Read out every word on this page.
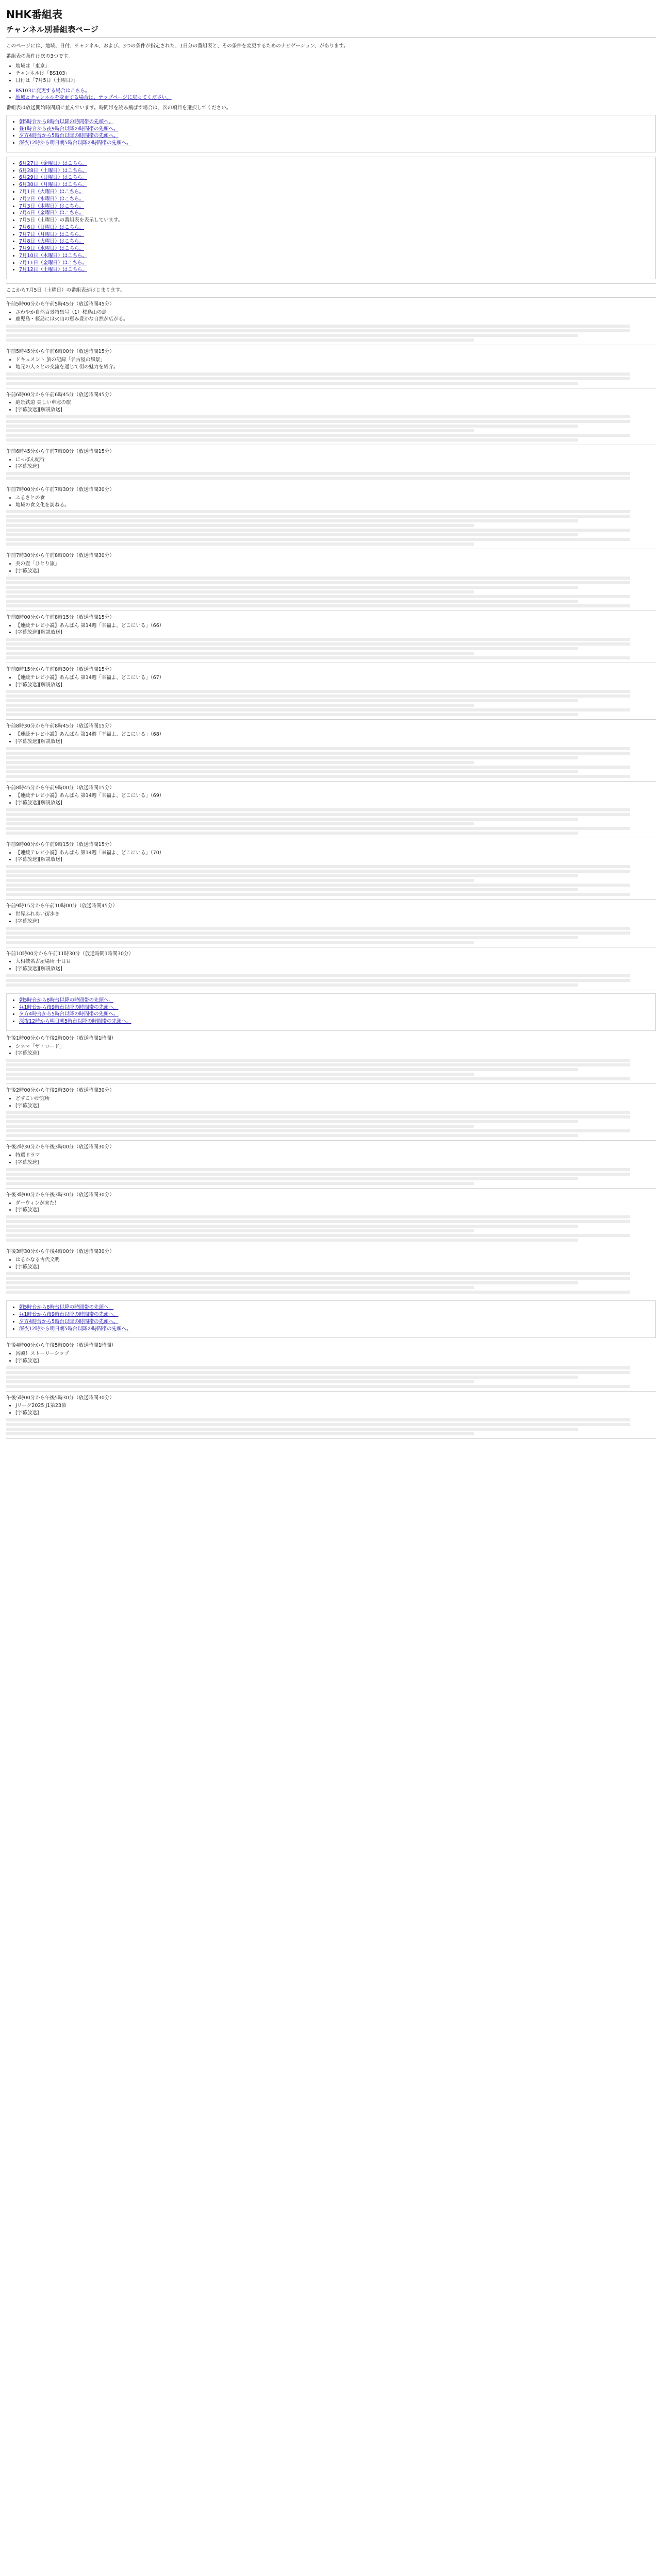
NHK番組表
チャンネル別番組表ページ

このページには、地域、日付、チャンネル、および、3つの条件が指定された、1日分の番組表と、その条件を変更するためのナビゲーション、があります。

番組表の条件は次の3つです。

• 地域は「東京」
• チャンネルは「BS103」
• 日付は「7月5日（土曜日）」
• BS103に変更する場合はこちら。
• 地域とチャンネルを変更する場合は、ナップページに戻ってください。

番組表は放送開始時間順に並んでいます。時間帯を読み飛ばす場合は、次の項目を選択してください。

• 朝5時台から8時台以降の時間帯の先頭へ。
• 昼1時台から夜9時台以降の時間帯の先頭へ。
• 夕方4時台から5時台以降の時間帯の先頭へ。
• 深夜12時から明日朝5時台以降の時間帯の先頭へ。
• 6月27日（金曜日）はこちら。
• 6月28日（土曜日）はこちら。
• 6月29日（日曜日）はこちら。
• 6月30日（月曜日）はこちら。
• 7月1日（火曜日）はこちら。
• 7月2日（水曜日）はこちら。
• 7月3日（木曜日）はこちら。
• 7月4日（金曜日）はこちら。
• 7月5日（土曜日）の番組表を表示しています。
• 7月6日（日曜日）はこちら。
• 7月7日（月曜日）はこちら。
• 7月8日（火曜日）はこちら。
• 7月9日（水曜日）はこちら。
• 7月10日（木曜日）はこちら。
• 7月11日（金曜日）はこちら。
• 7月12日（土曜日）はこちら。

ここから7月5日（土曜日）の番組表がはじまります。

午前5時00分から午前5時45分（放送時間45分）

• さわやか自然百景特集号（1）桜島山の島
• 鹿児島・桜島には火山の恵み豊かな自然が広がる。

午前5時45分から午前6時00分（放送時間15分）

• ドキュメント 旅の記録「名古屋の風景」
• 地元の人々との交流を通じて街の魅力を紹介。

午前6時00分から午前6時45分（放送時間45分）

• 絶景鉄道 美しい車窓の旅
• [字幕放送][解説放送]

午前6時45分から午前7時00分（放送時間15分）

• にっぽん紀行
• [字幕放送]

午前7時00分から午前7時30分（放送時間30分）

• ふるさとの食
• 地域の食文化を訪ねる。

午前7時30分から午前8時00分（放送時間30分）

• 美の壺「ひとり旅」
• [字幕放送]

午前8時00分から午前8時15分（放送時間15分）

• 【連続テレビ小説】あんぱん 第14週「幸福よ、どこにいる」（66）
• [字幕放送][解説放送]

午前8時15分から午前8時30分（放送時間15分）

• 【連続テレビ小説】あんぱん 第14週「幸福よ、どこにいる」（67）
• [字幕放送][解説放送]

午前8時30分から午前8時45分（放送時間15分）

• 【連続テレビ小説】あんぱん 第14週「幸福よ、どこにいる」（68）
• [字幕放送][解説放送]

午前8時45分から午前9時00分（放送時間15分）

• 【連続テレビ小説】あんぱん 第14週「幸福よ、どこにいる」（69）
• [字幕放送][解説放送]

午前9時00分から午前9時15分（放送時間15分）

• 【連続テレビ小説】あんぱん 第14週「幸福よ、どこにいる」（70）
• [字幕放送][解説放送]

午前9時15分から午前10時00分（放送時間45分）

• 世界ふれあい街歩き
• [字幕放送]

午前10時00分から午前11時30分（放送時間1時間30分）

• 大相撲名古屋場所 十日目
• [字幕放送][解説放送]
• 朝5時台から8時台以降の時間帯の先頭へ。
• 昼1時台から夜9時台以降の時間帯の先頭へ。
• 夕方4時台から5時台以降の時間帯の先頭へ。
• 深夜12時から明日朝5時台以降の時間帯の先頭へ。

午後1時00分から午後2時00分（放送時間1時間）

• シネマ「ザ・ロード」
• [字幕放送]

午後2時00分から午後2時30分（放送時間30分）

• どすこい研究所
• [字幕放送]

午後2時30分から午後3時00分（放送時間30分）

• 特選ドラマ
• [字幕放送]

午後3時00分から午後3時30分（放送時間30分）

• ダーウィンが来た！
• [字幕放送]

午後3時30分から午後4時00分（放送時間30分）

• はるかなる古代文明
• [字幕放送]
• 朝5時台から8時台以降の時間帯の先頭へ。
• 昼1時台から夜9時台以降の時間帯の先頭へ。
• 夕方4時台から5時台以降の時間帯の先頭へ。
• 深夜12時から明日朝5時台以降の時間帯の先頭へ。

午後4時00分から午後5時00分（放送時間1時間）

• 宮殿！ストーリーシップ
• [字幕放送]

午後5時00分から午後5時30分（放送時間30分）

• Jリーグ2025 J1第23節
• [字幕放送]
